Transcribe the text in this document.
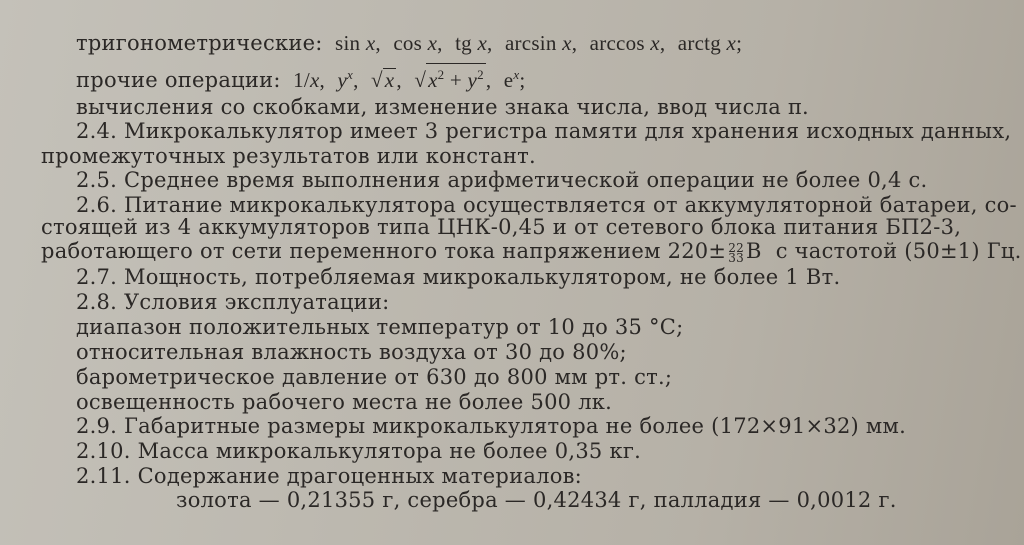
тригонометрические: sin x, cos x, tg x, arcsin x, arccos x, arctg x;
прочие операции: 1/x, $y^x$,  √x,  $√x^2 + y^2$, $e^x$;
вычисления со скобками, изменение знака числа, ввод числа π.
2.4. Микрокалькулятор имеет 3 регистра памяти для хранения исходных данных,
промежуточных результатов или констант.
2.5. Среднее время выполнения арифметической операции не более 0,4 с.
2.6. Питание микрокалькулятора осуществляется от аккумуляторной батареи, со-
стоящей из 4 аккумуляторов типа ЦНК-0,45 и от сетевого блока питания БП2-3,
работающего от сети переменного тока напряжением 220± 22
33 В с частотой (50±1) Гц.
2.7. Мощность, потребляемая микрокалькулятором, не более 1 Вт.
2.8. Условия эксплуатации:
диапазон положительных температур от 10 до 35 °С;
относительная влажность воздуха от 30 до 80%;
барометрическое давление от 630 до 800 мм рт. ст.;
освещенность рабочего места не более 500 лк.
2.9. Габаритные размеры микрокалькулятора не более (172×91×32) мм.
2.10. Масса микрокалькулятора не более 0,35 кг.
2.11. Содержание драгоценных материалов:
золота — 0,21355 г, серебра — 0,42434 г, палладия — 0,0012 г.
